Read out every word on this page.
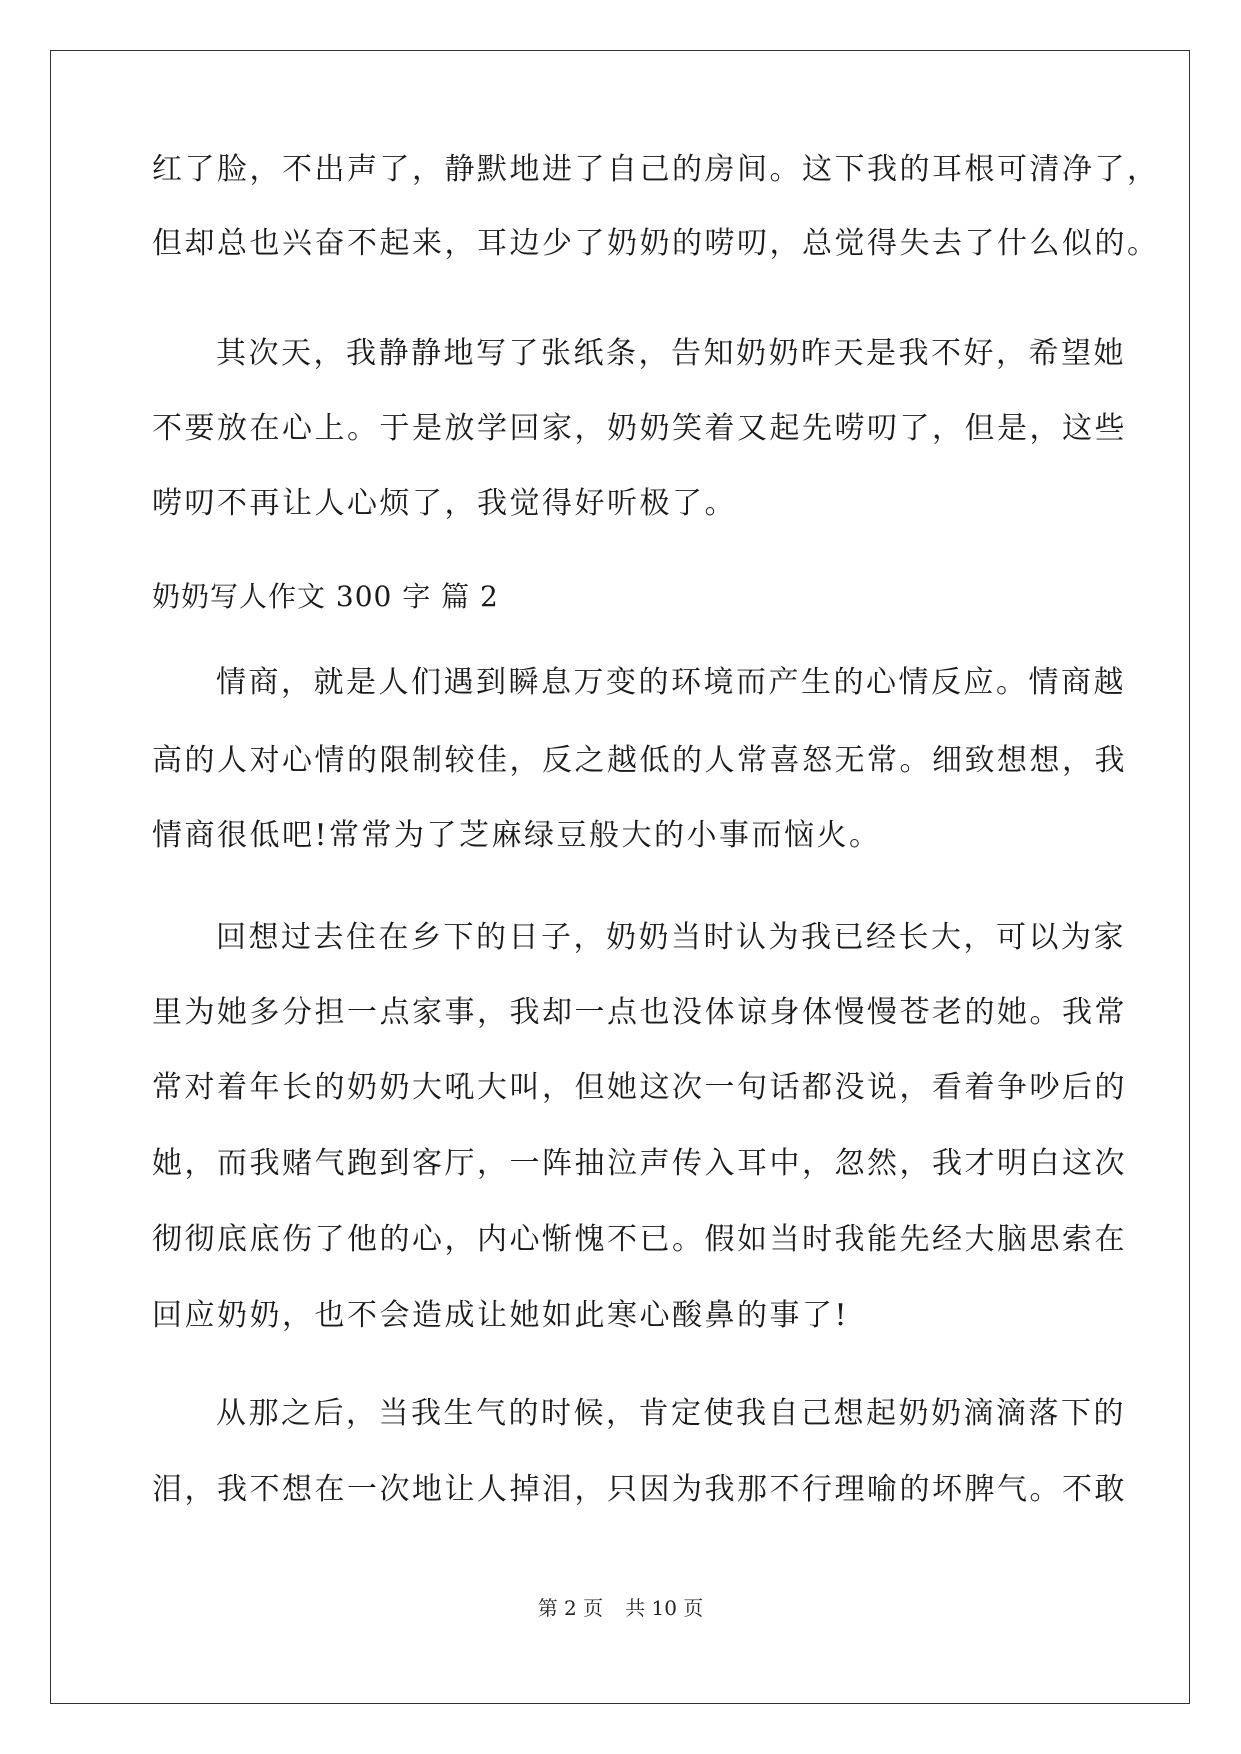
红了脸，不出声了，静默地进了自己的房间。这下我的耳根可清净了，
但却总也兴奋不起来，耳边少了奶奶的唠叨，总觉得失去了什么似的。
其次天，我静静地写了张纸条，告知奶奶昨天是我不好，希望她
不要放在心上。于是放学回家，奶奶笑着又起先唠叨了，但是，这些
唠叨不再让人心烦了，我觉得好听极了。
奶奶写人作文 300 字 篇 2
情商，就是人们遇到瞬息万变的环境而产生的心情反应。情商越
高的人对心情的限制较佳，反之越低的人常喜怒无常。细致想想，我
情商很低吧!常常为了芝麻绿豆般大的小事而恼火。
回想过去住在乡下的日子，奶奶当时认为我已经长大，可以为家
里为她多分担一点家事，我却一点也没体谅身体慢慢苍老的她。我常
常对着年长的奶奶大吼大叫，但她这次一句话都没说，看着争吵后的
她，而我赌气跑到客厅，一阵抽泣声传入耳中，忽然，我才明白这次
彻彻底底伤了他的心，内心惭愧不已。假如当时我能先经大脑思索在
回应奶奶，也不会造成让她如此寒心酸鼻的事了!
从那之后，当我生气的时候，肯定使我自己想起奶奶滴滴落下的
泪，我不想在一次地让人掉泪，只因为我那不行理喻的坏脾气。不敢
第 2 页 共 10 页
